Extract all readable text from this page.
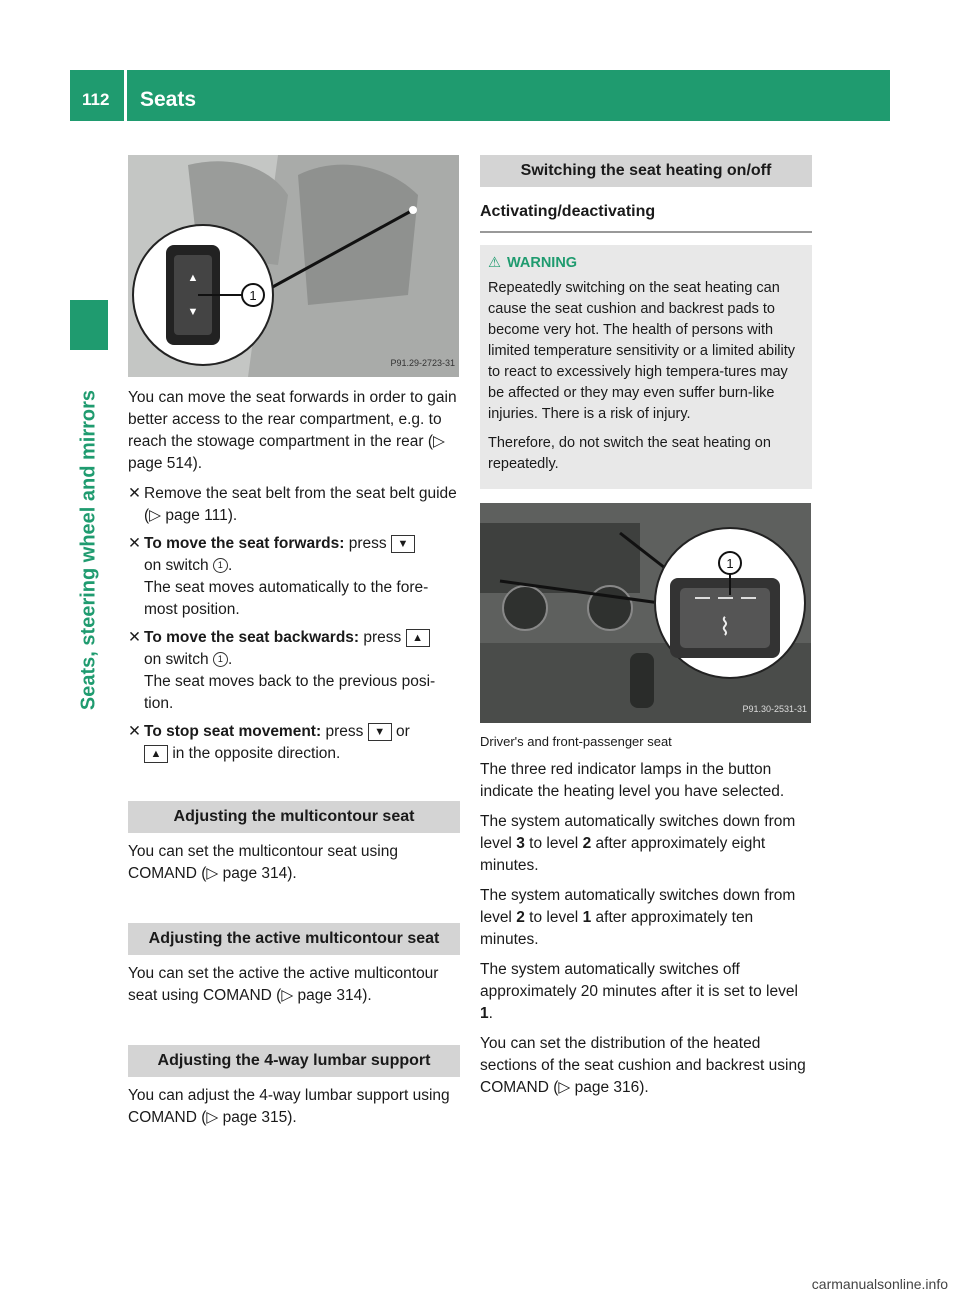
112 Seats
Seats, steering wheel and mirrors
▲
▼
1
P91.29-2723-31

You can move the seat forwards in order to gain better access to the rear compartment, e.g. to reach the stowage compartment in the rear (▷ page 514).

✕ Remove the seat belt from the seat belt guide (▷ page 111).
✕ To move the seat forwards: press ▼
on switch 1 .
The seat moves automatically to the fore-most position.
✕ To move the seat backwards: press ▲
on switch 1 .
The seat moves back to the previous posi-tion.
✕ To stop seat movement: press ▼ or
▲ in the opposite direction.
Adjusting the multicontour seat

You can set the multicontour seat using COMAND (▷ page 314).

Adjusting the active multicontour seat

You can set the active the active multicontour seat using COMAND (▷ page 314).

Adjusting the 4-way lumbar support

You can adjust the 4-way lumbar support using COMAND (▷ page 315).

Switching the seat heating on/off
Activating/deactivating
⚠ WARNING

Repeatedly switching on the seat heating can cause the seat cushion and backrest pads to become very hot. The health of persons with limited temperature sensitivity or a limited ability to react to excessively high tempera-tures may be affected or they may even suffer burn-like injuries. There is a risk of injury.

Therefore, do not switch the seat heating on repeatedly.

⌇
1
P91.30-2531-31
Driver's and front-passenger seat

The three red indicator lamps in the button indicate the heating level you have selected.

The system automatically switches down from level 3 to level 2 after approximately eight minutes.

The system automatically switches down from level 2 to level 1 after approximately ten minutes.

The system automatically switches off approximately 20 minutes after it is set to level 1.

You can set the distribution of the heated sections of the seat cushion and backrest using COMAND (▷ page 316).

carmanualsonline.info
